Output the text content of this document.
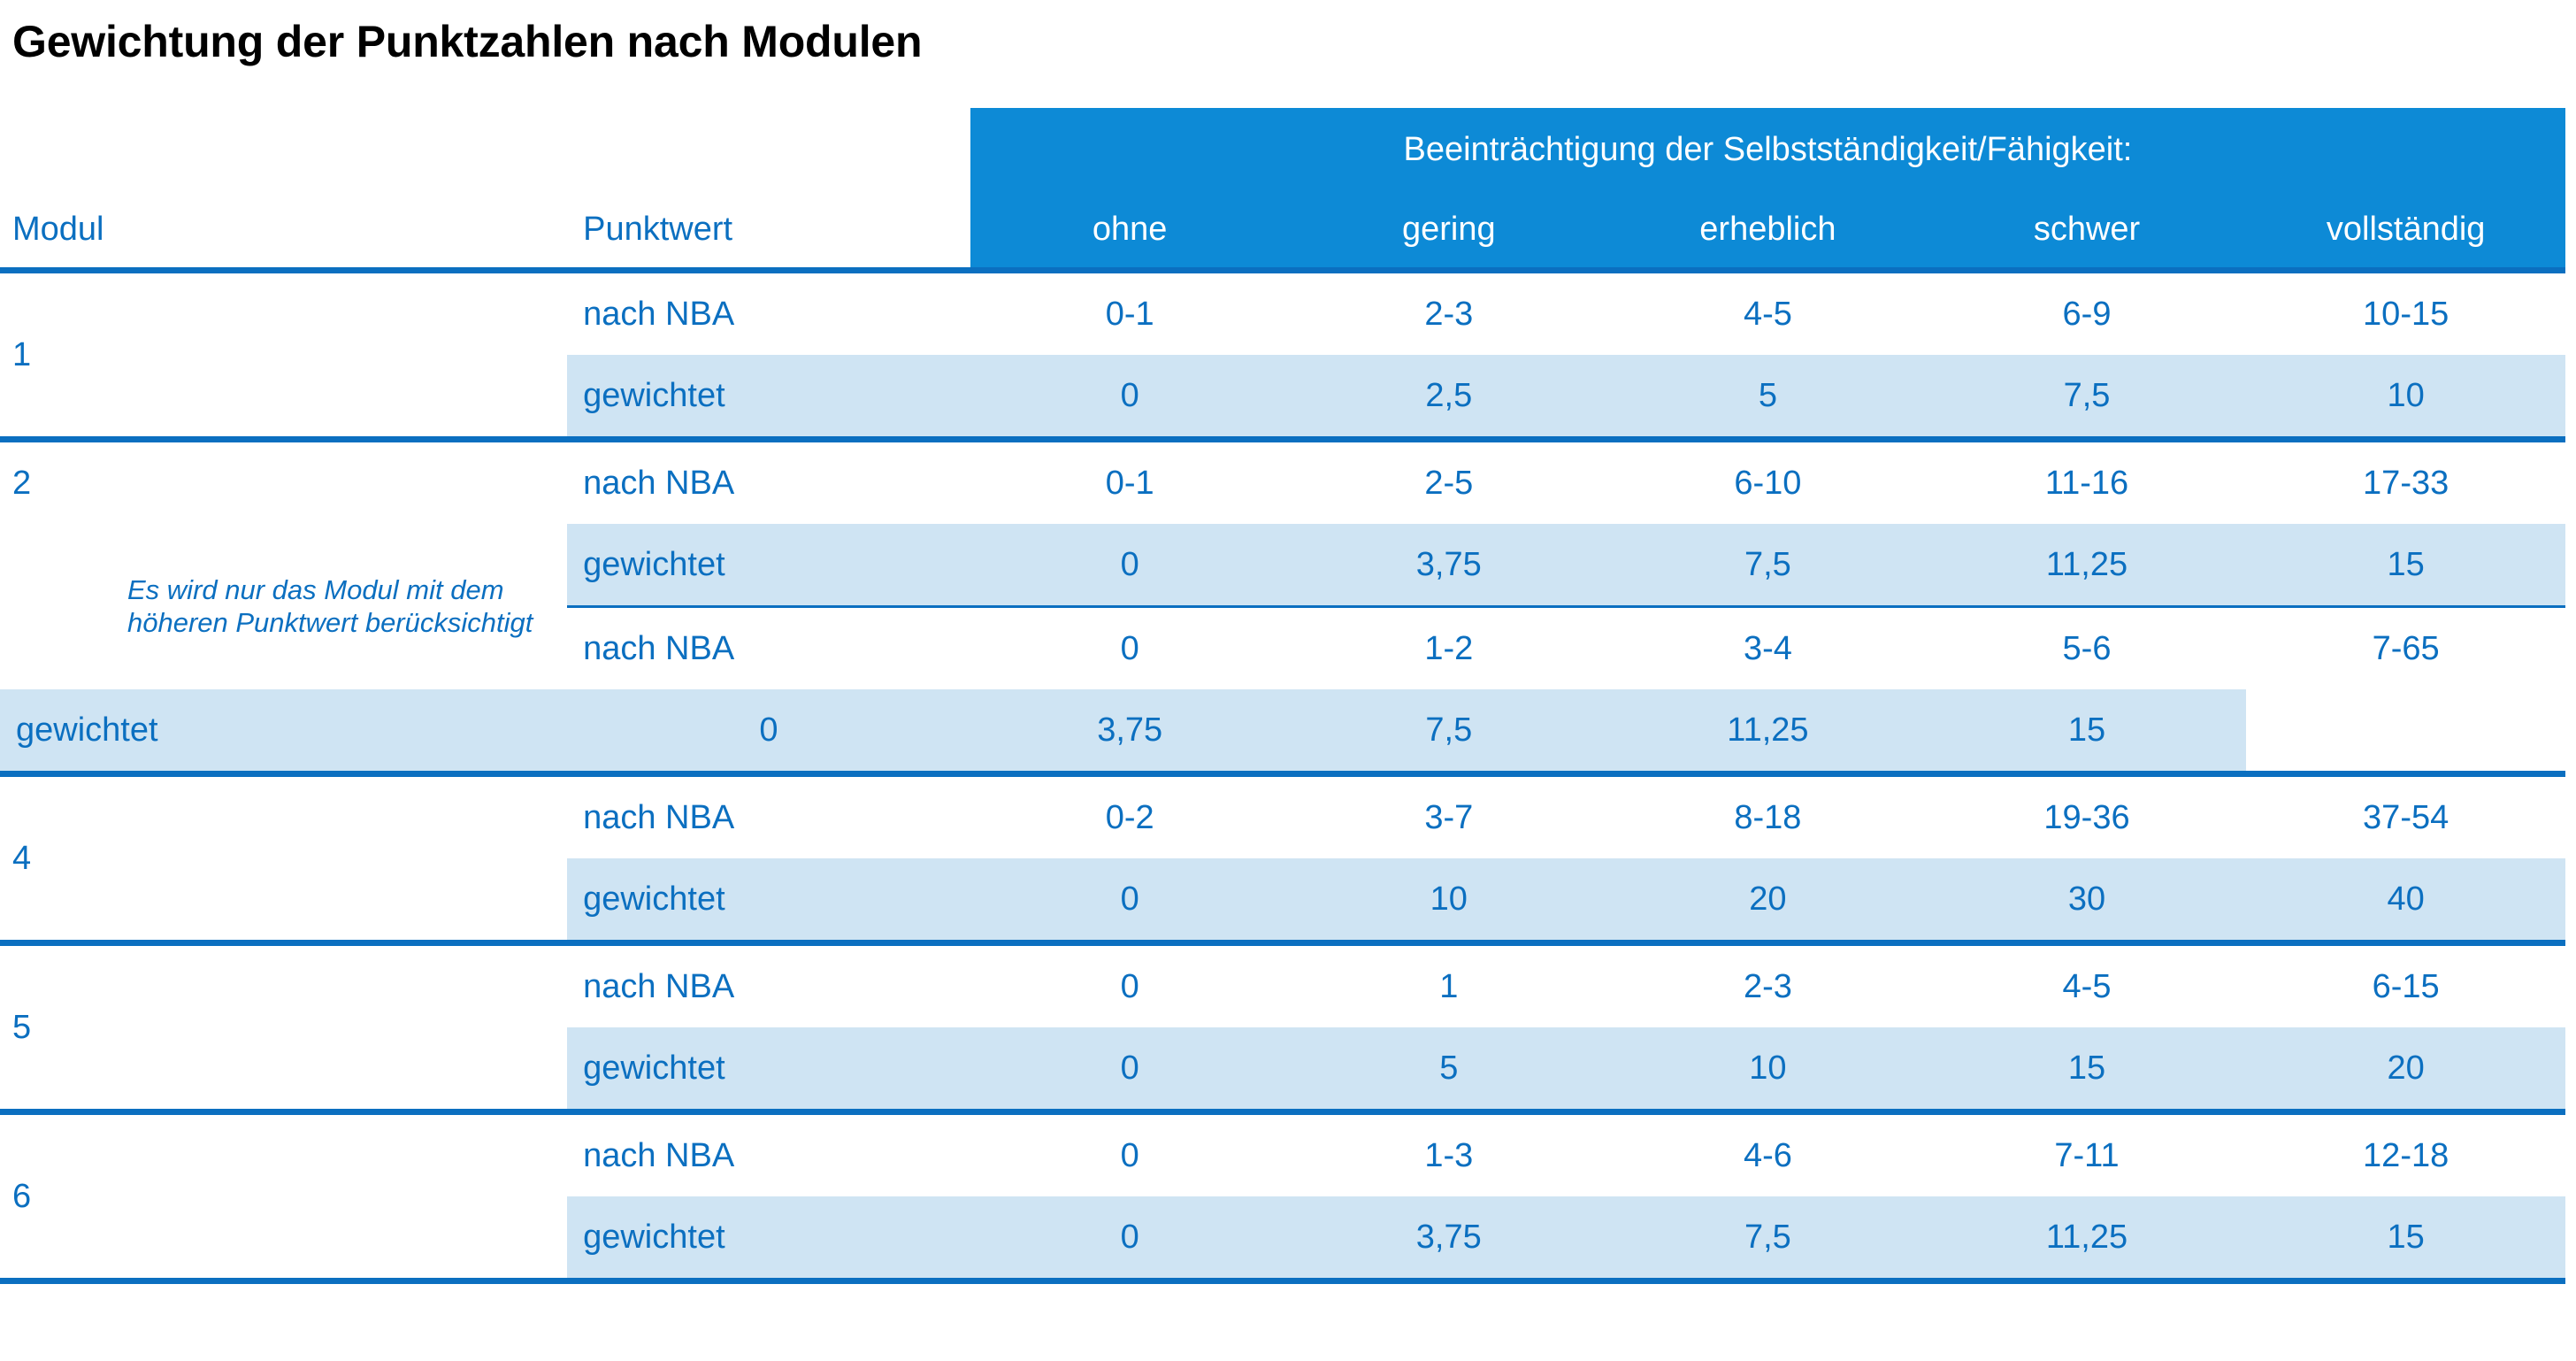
Gewichtung der Punktzahlen nach Modulen
		Beeinträchtigung der Selbstständigkeit/Fähigkeit:				
Modul	Punktwert	ohne	gering	erheblich	schwer	vollständig

1	nach NBA	0-1	2-3	4-5	6-9	10-15
	gewichtet	0	2,5	5	7,5	10

2	nach NBA	0-1	2-5	6-10	11-16	17-33

Es wird nur das Modul mit dem höheren Punktwert berücksichtigt	gewichtet	0	3,75	7,5	11,25	15

	nach NBA	0	1-2	3-4	5-6	7-65
gewichtet	0	3,75	7,5	11,25	15	

4	nach NBA	0-2	3-7	8-18	19-36	37-54
	gewichtet	0	10	20	30	40

5	nach NBA	0	1	2-3	4-5	6-15
	gewichtet	0	5	10	15	20

6	nach NBA	0	1-3	4-6	7-11	12-18
	gewichtet	0	3,75	7,5	11,25	15
